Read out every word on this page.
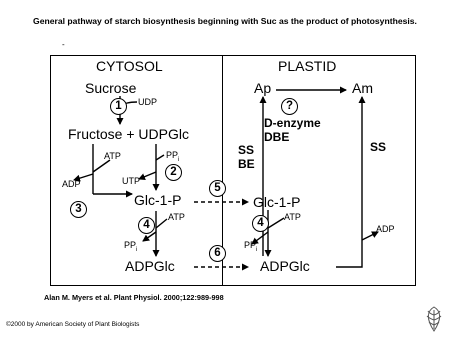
General pathway of starch biosynthesis beginning with Suc as the product of photosynthesis.
-
CYTOSOL
Sucrose
1	UDP
Fructose + UDPGlc
ATP	$PP_i$
ADP
2
UTP
3
Glc-1-P
4
ATP
$PP_i$
ADPGlc
5
6
PLASTID
Ap	Am
?
D-enzyme
DBE
SS
BE
SS
Glc-1-P
4	ATP
$PP_i$
ADP
ADPGlc
Alan M. Myers et al. Plant Physiol. 2000;122:989-998
©2000 by American Society of Plant Biologists
